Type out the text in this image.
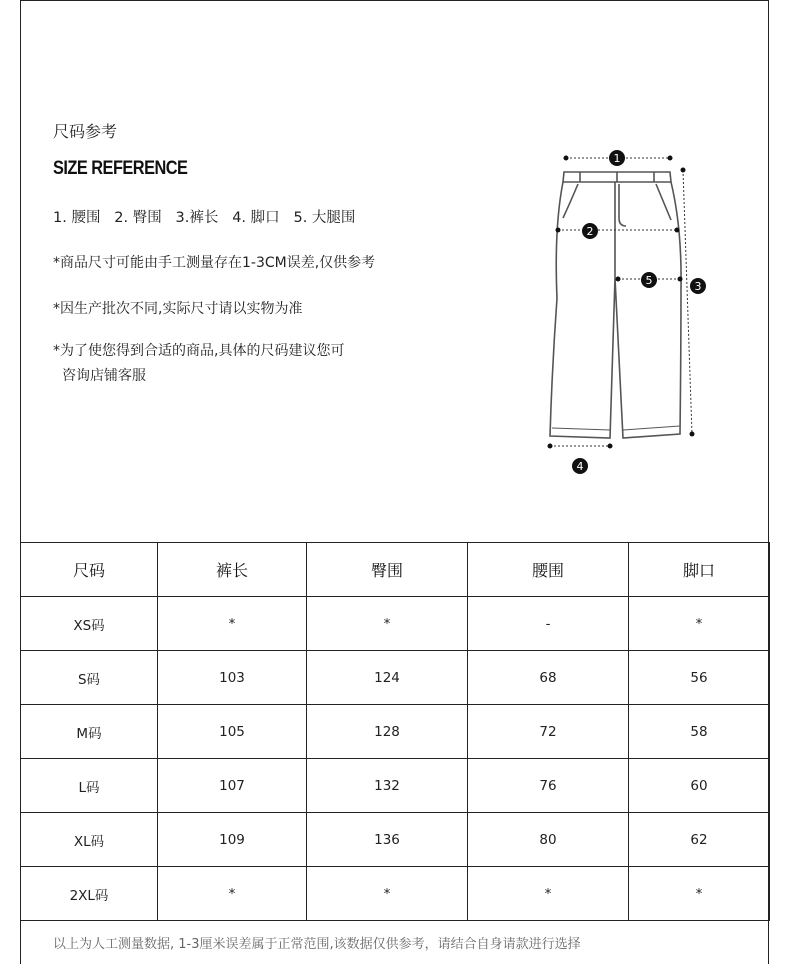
尺码参考
SIZE REFERENCE
1. 腰围   2. 臀围   3.裤长   4. 脚口   5. 大腿围
*商品尺寸可能由手工测量存在1-3CM误差,仅供参考
*因生产批次不同,实际尺寸请以实物为准
*为了使您得到合适的商品,具体的尺码建议您可
咨询店铺客服
1
2
3
4
5
尺码	裤长	臀围	腰围	脚口
XS码	*	*	-	*
S码	103	124	68	56
M码	105	128	72	58
L码	107	132	76	60
XL码	109	136	80	62
2XL码	*	*	*	*
以上为人工测量数据, 1-3厘米误差属于正常范围,该数据仅供参考，请结合自身请款进行选择
